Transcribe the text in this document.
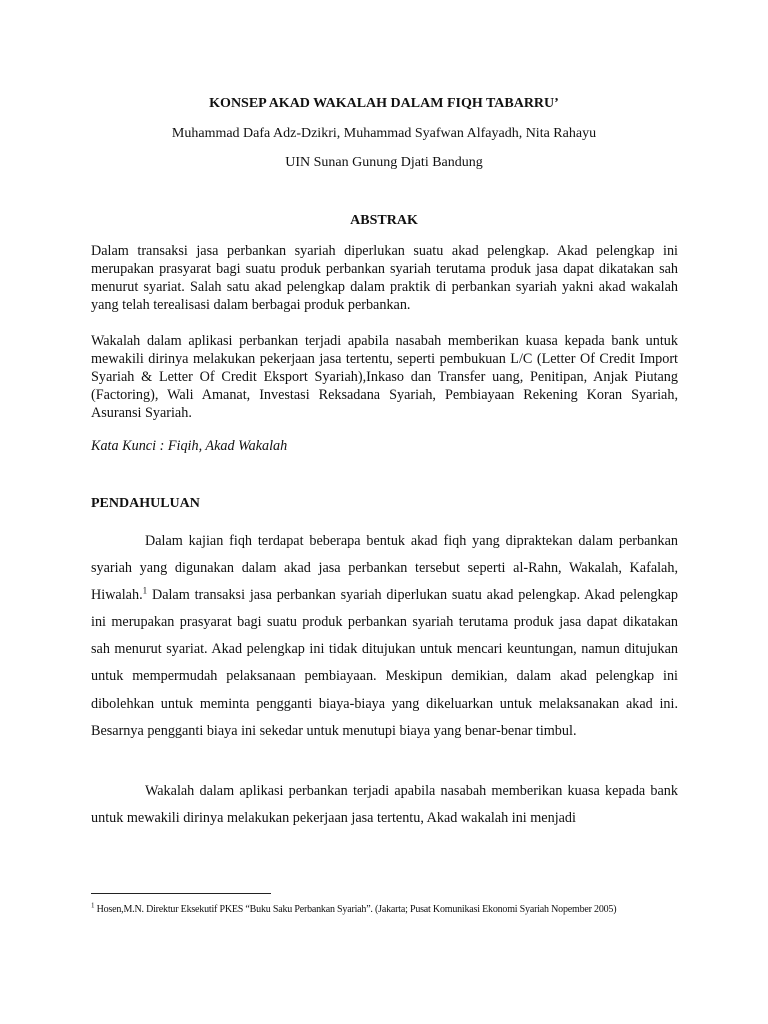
KONSEP AKAD WAKALAH DALAM FIQH TABARRU’

Muhammad Dafa Adz-Dzikri, Muhammad Syafwan Alfayadh, Nita Rahayu

UIN Sunan Gunung Djati Bandung

ABSTRAK

Dalam transaksi jasa perbankan syariah diperlukan suatu akad pelengkap. Akad pelengkap ini merupakan prasyarat bagi suatu produk perbankan syariah terutama produk jasa dapat dikatakan sah menurut syariat. Salah satu akad pelengkap dalam praktik di perbankan syariah yakni akad wakalah yang telah terealisasi dalam berbagai produk perbankan.

Wakalah dalam aplikasi perbankan terjadi apabila nasabah memberikan kuasa kepada bank untuk mewakili dirinya melakukan pekerjaan jasa tertentu, seperti pembukuan L/C (Letter Of Credit Import Syariah & Letter Of Credit Eksport Syariah),Inkaso dan Transfer uang, Penitipan, Anjak Piutang (Factoring), Wali Amanat, Investasi Reksadana Syariah, Pembiayaan Rekening Koran Syariah, Asuransi Syariah.

Kata Kunci : Fiqih, Akad Wakalah

PENDAHULUAN

Dalam kajian fiqh terdapat beberapa bentuk akad fiqh yang dipraktekan dalam perbankan syariah yang digunakan dalam akad jasa perbankan tersebut seperti al-Rahn, Wakalah, Kafalah, Hiwalah.$^1$ Dalam transaksi jasa perbankan syariah diperlukan suatu akad pelengkap. Akad pelengkap ini merupakan prasyarat bagi suatu produk perbankan syariah terutama produk jasa dapat dikatakan sah menurut syariat. Akad pelengkap ini tidak ditujukan untuk mencari keuntungan, namun ditujukan untuk mempermudah pelaksanaan pembiayaan. Meskipun demikian, dalam akad pelengkap ini dibolehkan untuk meminta pengganti biaya-biaya yang dikeluarkan untuk melaksanakan akad ini. Besarnya pengganti biaya ini sekedar untuk menutupi biaya yang benar-benar timbul.

Wakalah dalam aplikasi perbankan terjadi apabila nasabah memberikan kuasa kepada bank untuk mewakili dirinya melakukan pekerjaan jasa tertentu, Akad wakalah ini menjadi

$^1$ Hosen,M.N. Direktur Eksekutif PKES “Buku Saku Perbankan Syariah”. (Jakarta; Pusat Komunikasi Ekonomi Syariah Nopember 2005)
